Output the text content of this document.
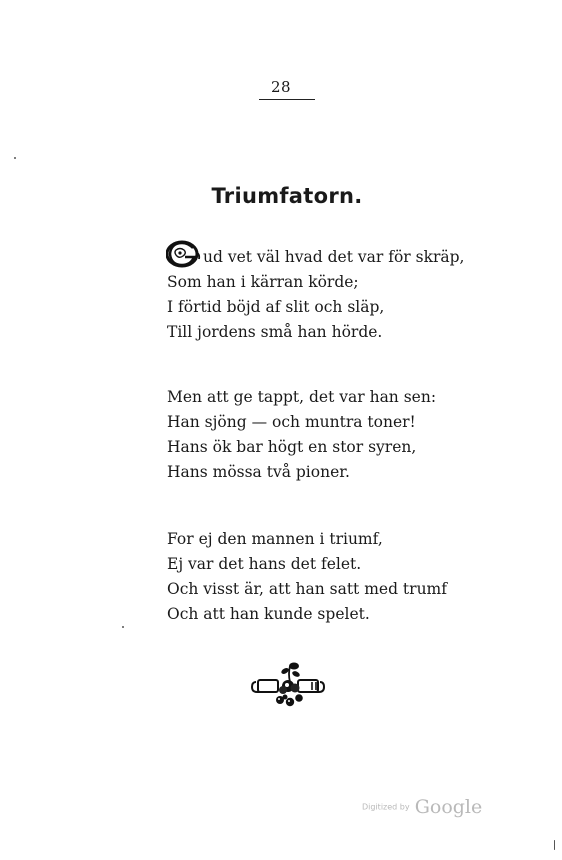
28
Triumfatorn.
ud vet väl hvad det var för skräp,
Som han i kärran körde;
I förtid böjd af slit och släp,
Till jordens små han hörde.
Men att ge tappt, det var han sen:
Han sjöng — och muntra toner!
Hans ök bar högt en stor syren,
Hans mössa två pioner.
For ej den mannen i triumf,
Ej var det hans det felet.
Och visst är, att han satt med trumf
Och att han kunde spelet.
Digitized by Google
